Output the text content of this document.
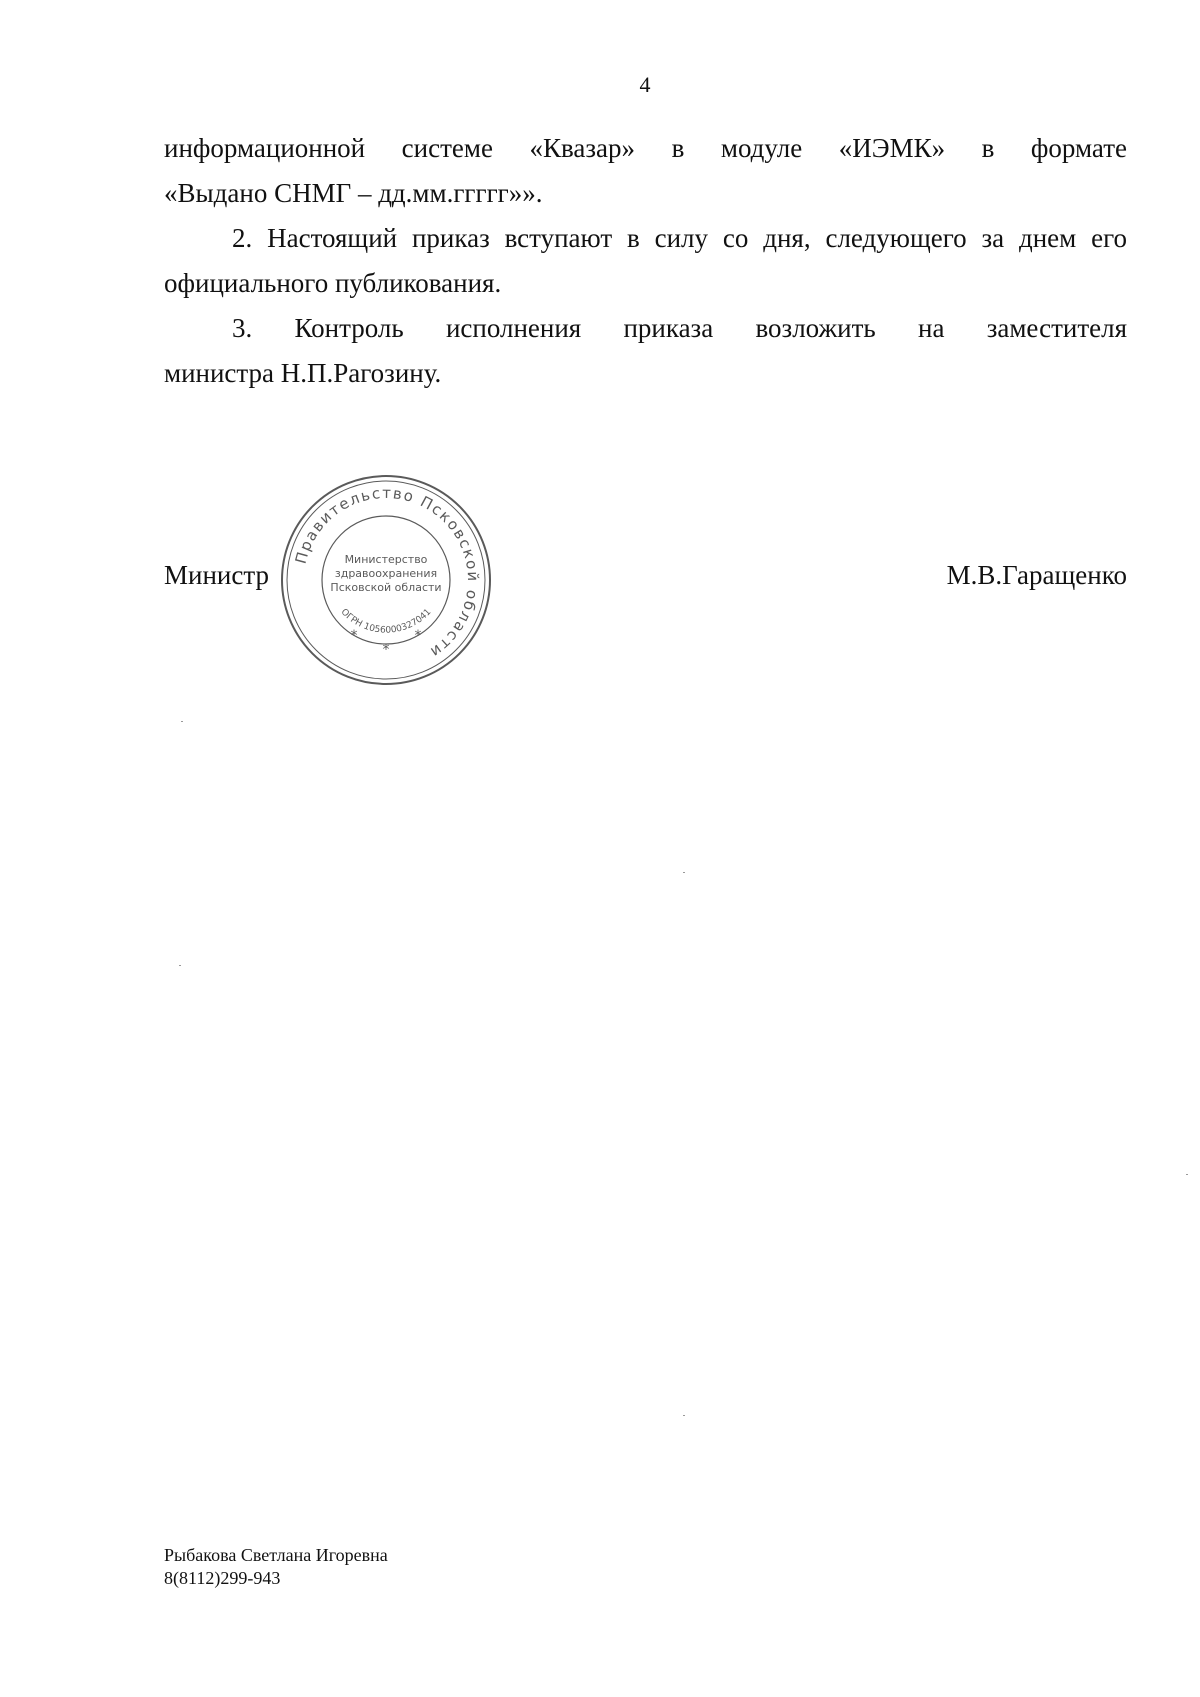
4

информационной системе «Квазар» в модуле «ИЭМК» в формате

«Выдано СНМГ – дд.мм.ггггг»».

2. Настоящий приказ вступают в силу со дня, следующего за днем его официального публикования.

3. Контроль исполнения приказа возложить на заместителя

министра Н.П.Рагозину.

Министр	М.В.Гаращенко
Правительство Псковской области
Министерство
здравоохранения
Псковской области
ОГРН 1056000327041
*
*
*
Рыбакова Светлана Игоревна
8(8112)299-943
